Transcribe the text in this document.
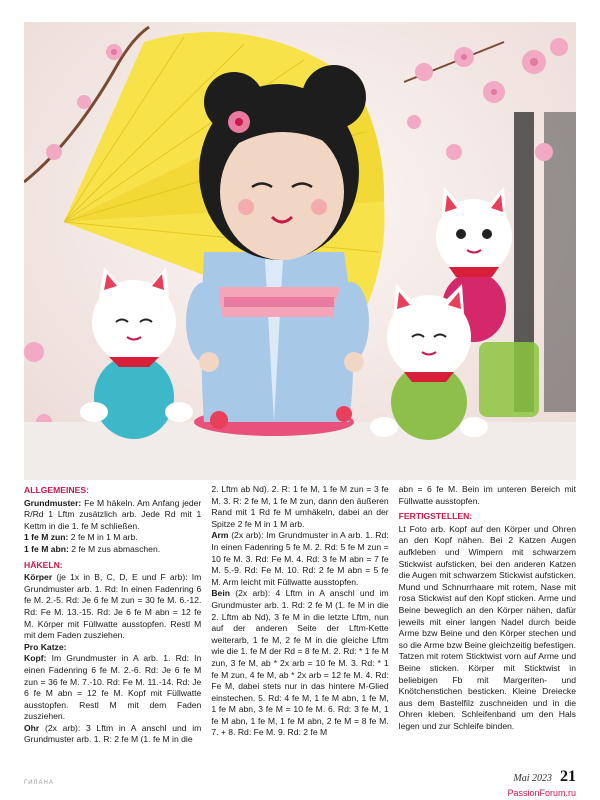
ALLGEMEINES:

Grundmuster: Fe M häkeln. Am Anfang jeder R/Rd 1 Lftm zusätzlich arb. Jede Rd mit 1 Kettm in die 1. fe M schließen.

1 fe M zun: 2 fe M in 1 M arb.

1 fe M abn: 2 fe M zus abmaschen.

HÄKELN:

Körper (je 1x in B, C, D, E und F arb): Im Grundmuster arb. 1. Rd: In einen Fadenring 6 fe M. 2.-5. Rd: Je 6 fe M zun = 30 fe M. 6.-12. Rd: Fe M. 13.-15. Rd: Je 6 fe M abn = 12 fe M. Körper mit Füllwatte ausstopfen. Restl M mit dem Faden zusziehen.

Pro Katze:

Kopf: Im Grundmuster in A arb. 1. Rd: In einen Fadenring 6 fe M. 2.-6. Rd: Je 6 fe M zun = 36 fe M. 7.-10. Rd: Fe M. 11.-14. Rd: Je 6 fe M abn = 12 fe M. Kopf mit Füllwatte ausstopfen. Restl M mit dem Faden zusziehen.

Ohr (2x arb): 3 Lftm in A anschl und im Grundmuster arb. 1. R: 2 fe M (1. fe M in die

2. Lftm ab Nd). 2. R: 1 fe M, 1 fe M zun = 3 fe M. 3. R: 2 fe M, 1 fe M zun, dann den äußeren Rand mit 1 Rd fe M umhäkeln, dabei an der Spitze 2 fe M in 1 M arb.

Arm (2x arb): Im Grundmuster in A arb. 1. Rd: In einen Fadenring 5 fe M. 2. Rd: 5 fe M zun = 10 fe M. 3. Rd: Fe M. 4. Rd: 3 fe M abn = 7 fe M. 5.-9. Rd: Fe M. 10. Rd: 2 fe M abn = 5 fe M. Arm leicht mit Füllwatte ausstopfen.

Bein (2x arb): 4 Lftm in A anschl und im Grundmuster arb. 1. Rd: 2 fe M (1. fe M in die 2. Lftm ab Nd), 3 fe M in die letzte Lftm, nun auf der anderen Seite der Lftm-Kette weiterarb, 1 fe M, 2 fe M in die gleiche Lftm wie die 1. fe M der Rd = 8 fe M. 2. Rd: * 1 fe M zun, 3 fe M, ab * 2x arb = 10 fe M. 3. Rd: * 1 fe M zun, 4 fe M, ab * 2x arb = 12 fe M. 4. Rd: Fe M, dabei stets nur in das hintere M-Glied einstechen. 5. Rd: 4 fe M, 1 fe M abn, 1 fe M, 1 fe M abn, 3 fe M = 10 fe M. 6. Rd: 3 fe M, 1 fe M abn, 1 fe M, 1 fe M abn, 2 fe M = 8 fe M. 7. + 8. Rd: Fe M. 9. Rd: 2 fe M

abn = 6 fe M. Bein im unteren Bereich mit Füllwatte ausstopfen.

FERTIGSTELLEN:

Lt Foto arb. Kopf auf den Körper und Ohren an den Kopf nähen. Bei 2 Katzen Augen aufkleben und Wimpern mit schwarzem Stickwist aufsticken, bei den anderen Katzen die Augen mit schwarzem Stickwist aufsticken. Mund und Schnurrhaare mit rotem, Nase mit rosa Stickwist auf den Kopf sticken. Arme und Beine beweglich an den Körper nähen, dafür jeweils mit einer langen Nadel durch beide Arme bzw Beine und den Körper stechen und so die Arme bzw Beine gleichzeitig befestigen. Tatzen mit rotem Sticktwist vorn auf Arme und Beine sticken. Körper mit Sticktwist in beliebigen Fb mit Margeriten- und Knötchenstichen besticken. Kleine Dreiecke aus dem Bastelfilz zuschneiden und in die Ohren kleben. Schleifenband um den Hals legen und zur Schleife binden.

ГИЛАНА	Mai 2023 21
PassionForum.ru
